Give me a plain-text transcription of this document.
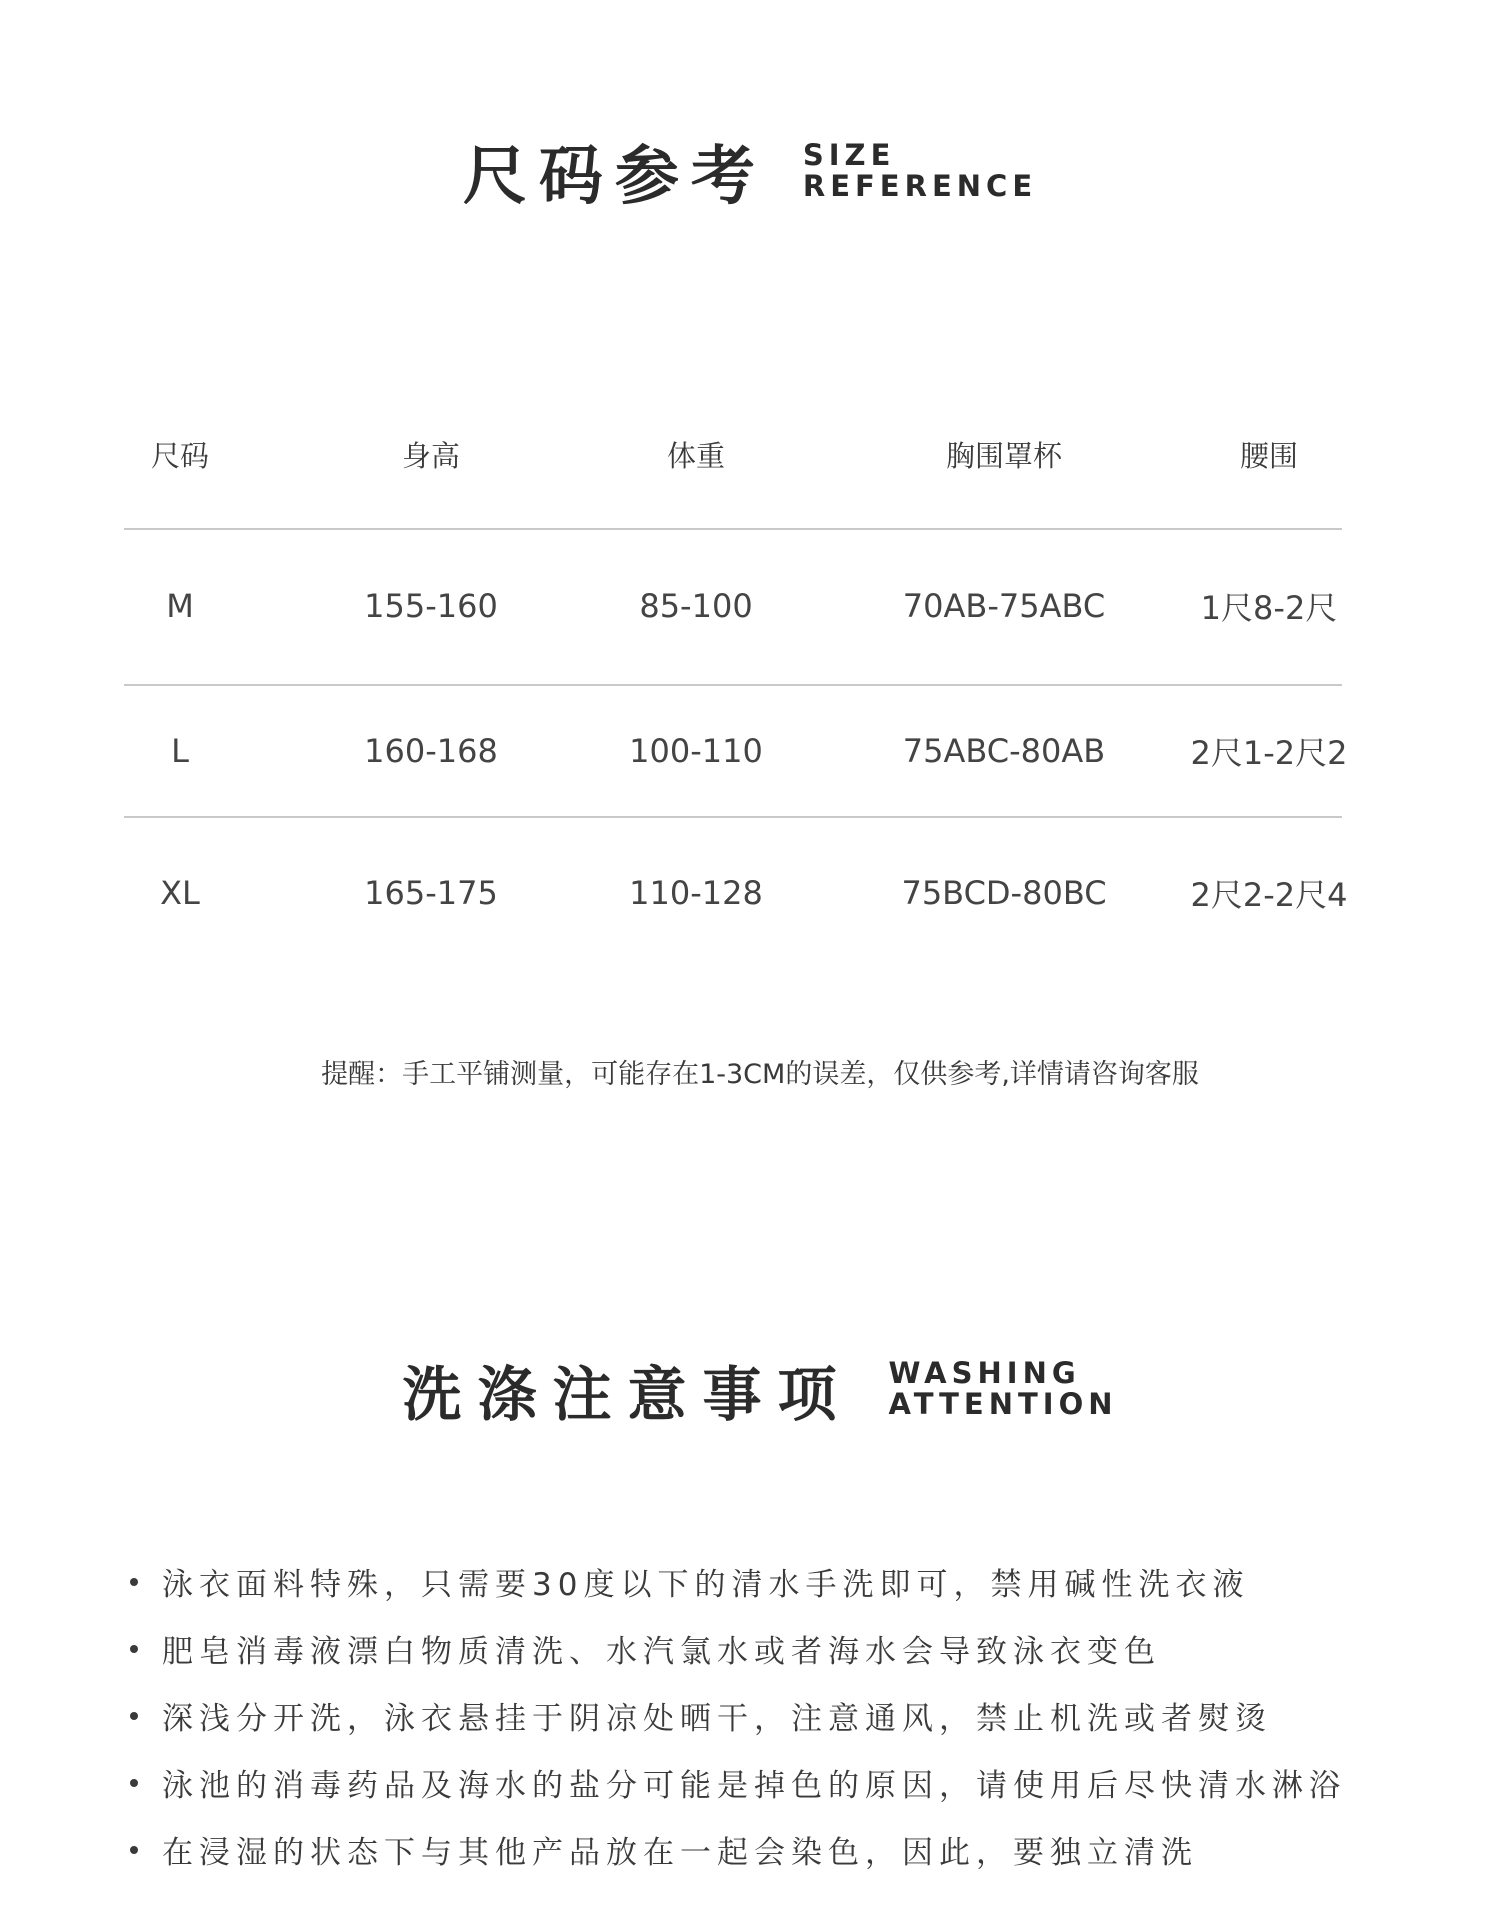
尺码参考 SIZE
REFERENCE
尺码	身高	体重	胸围罩杯	腰围
M	155-160	85-100	70AB-75ABC	1尺8-2尺
L	160-168	100-110	75ABC-80AB	2尺1-2尺2
XL	165-175	110-128	75BCD-80BC	2尺2-2尺4
提醒：手工平铺测量，可能存在1-3CM的误差，仅供参考,详情请咨询客服
洗涤注意事项 WASHING
ATTENTION
泳衣面料特殊，只需要30度以下的清水手洗即可，禁用碱性洗衣液
肥皂消毒液漂白物质清洗、水汽氯水或者海水会导致泳衣变色
深浅分开洗，泳衣悬挂于阴凉处晒干，注意通风，禁止机洗或者熨烫
泳池的消毒药品及海水的盐分可能是掉色的原因，请使用后尽快清水淋浴
在浸湿的状态下与其他产品放在一起会染色，因此，要独立清洗
